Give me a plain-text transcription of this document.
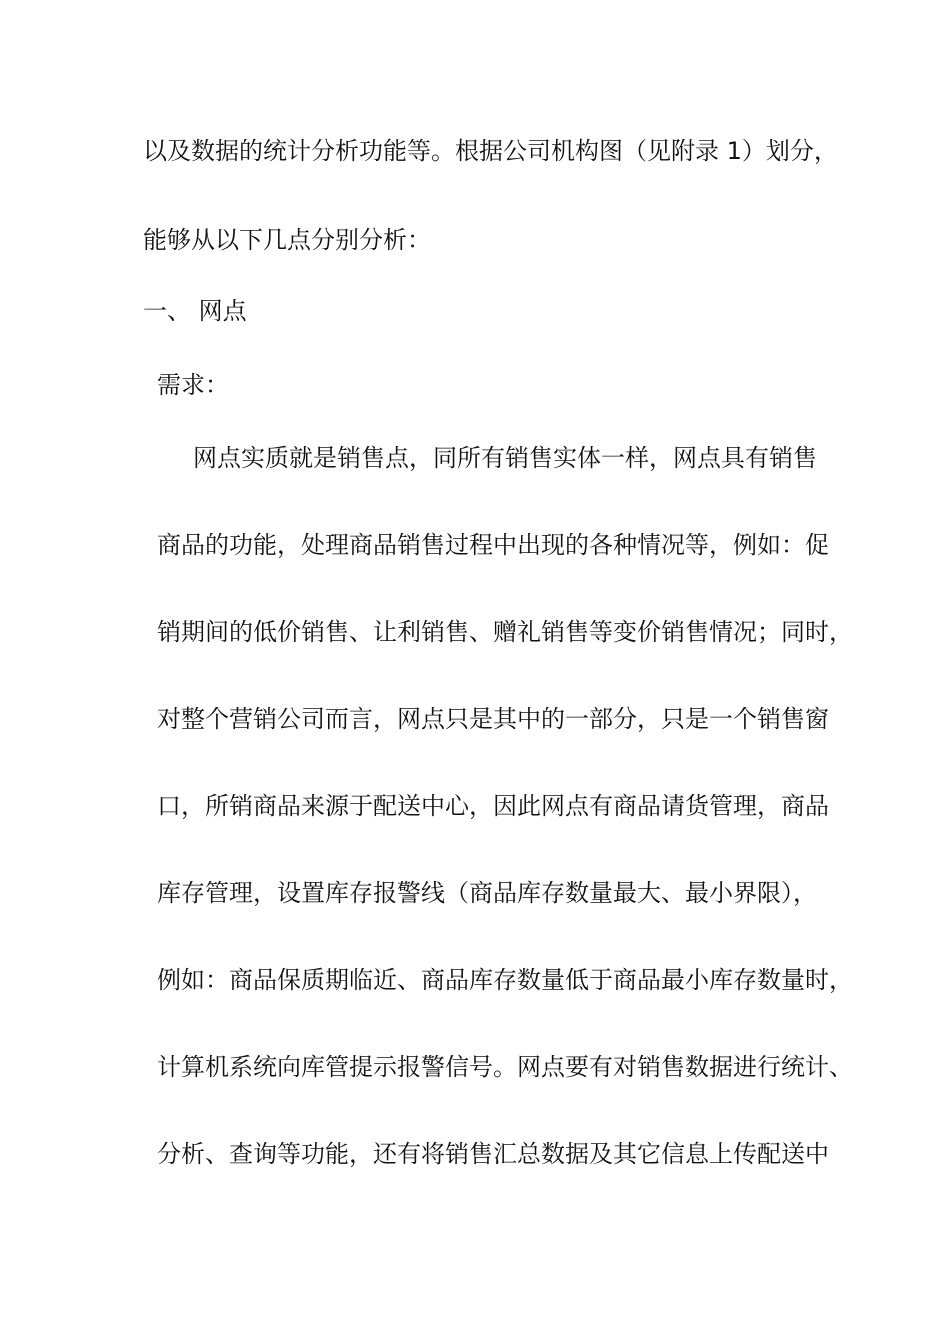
以及数据的统计分析功能等。根据公司机构图（见附录 1）划分，
能够从以下几点分别分析：
一、 网点
需求：
网点实质就是销售点，同所有销售实体一样，网点具有销售
商品的功能，处理商品销售过程中出现的各种情况等，例如：促
销期间的低价销售、让利销售、赠礼销售等变价销售情况；同时，
对整个营销公司而言，网点只是其中的一部分，只是一个销售窗
口，所销商品来源于配送中心，因此网点有商品请货管理，商品
库存管理，设置库存报警线（商品库存数量最大、最小界限），
例如：商品保质期临近、商品库存数量低于商品最小库存数量时，
计算机系统向库管提示报警信号。网点要有对销售数据进行统计、
分析、查询等功能，还有将销售汇总数据及其它信息上传配送中
